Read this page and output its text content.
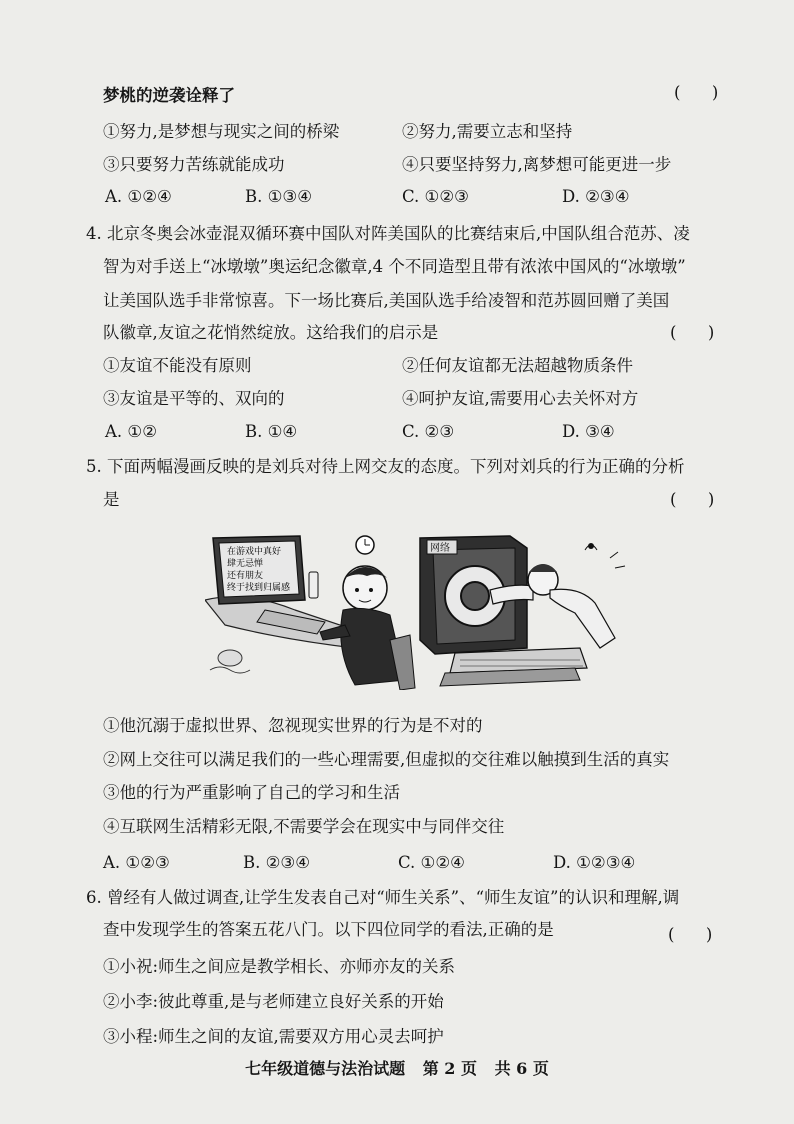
梦桃的逆袭诠释了	(      )
①努力,是梦想与现实之间的桥梁	②努力,需要立志和坚持
③只要努力苦练就能成功	④只要坚持努力,离梦想可能更进一步
A. ①②④	B. ①③④	C. ①②③	D. ②③④
4. 北京冬奥会冰壶混双循环赛中国队对阵美国队的比赛结束后,中国队组合范苏、凌
智为对手送上“冰墩墩”奥运纪念徽章,4 个不同造型且带有浓浓中国风的“冰墩墩”
让美国队选手非常惊喜。下一场比赛后,美国队选手给凌智和范苏圆回赠了美国
队徽章,友谊之花悄然绽放。这给我们的启示是	(      )
①友谊不能没有原则	②任何友谊都无法超越物质条件
③友谊是平等的、双向的	④呵护友谊,需要用心去关怀对方
A. ①②	B. ①④	C. ②③	D. ③④
5. 下面两幅漫画反映的是刘兵对待上网交友的态度。下列对刘兵的行为正确的分析
是	(      )
在游戏中真好
肆无忌惮
还有朋友
终于找到归属感
网络
①他沉溺于虚拟世界、忽视现实世界的行为是不对的
②网上交往可以满足我们的一些心理需要,但虚拟的交往难以触摸到生活的真实
③他的行为严重影响了自己的学习和生活
④互联网生活精彩无限,不需要学会在现实中与同伴交往
A. ①②③	B. ②③④	C. ①②④	D. ①②③④
6. 曾经有人做过调查,让学生发表自己对“师生关系”、“师生友谊”的认识和理解,调
查中发现学生的答案五花八门。以下四位同学的看法,正确的是	(      )
①小祝:师生之间应是教学相长、亦师亦友的关系
②小李:彼此尊重,是与老师建立良好关系的开始
③小程:师生之间的友谊,需要双方用心灵去呵护
七年级道德与法治试题 第 2 页 共 6 页
